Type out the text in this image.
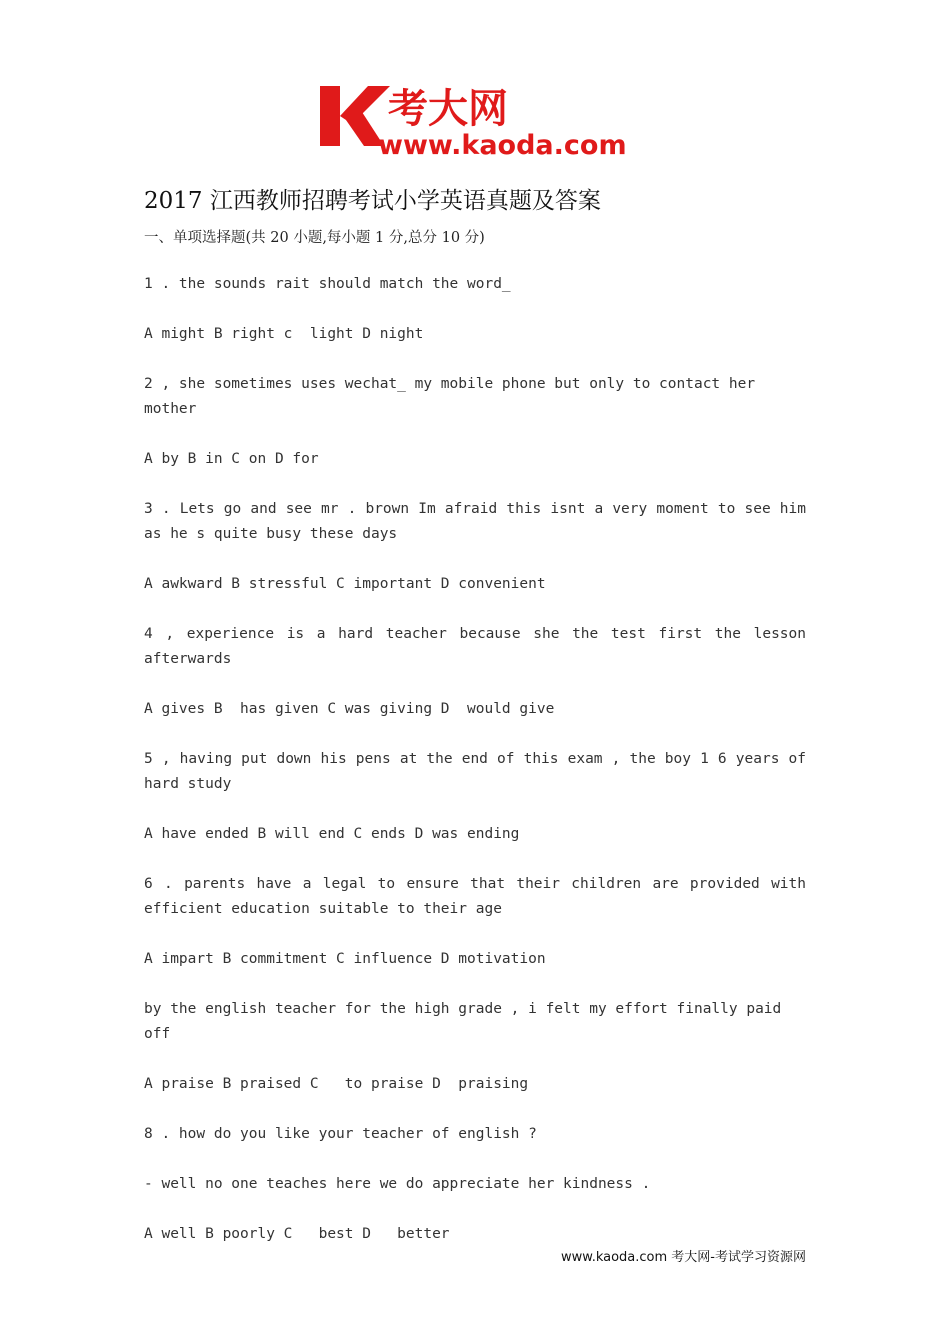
考大网
www.kaoda.com
2017 江西教师招聘考试小学英语真题及答案
一、单项选择题(共 20 小题,每小题 1 分,总分 10 分)

1 . the sounds rait should match the word_

A might B right c  light D night

2 , she sometimes uses wechat_ my mobile phone but only to contact her mother

A by B in C on D for

3 . Lets go and see mr . brown Im afraid this isnt a very moment to see him as he s quite busy these days

A awkward B stressful C important D convenient

4 , experience is a hard teacher because she the test first the lesson afterwards

A gives B  has given C was giving D  would give

5 , having put down his pens at the end of this exam , the boy 1 6 years of hard study

A have ended B will end C ends D was ending

6 . parents have a legal to ensure that their children are provided with efficient education suitable to their age

A impart B commitment C influence D motivation

by the english teacher for the high grade , i felt my effort finally paid off

A praise B praised C   to praise D  praising

8 . how do you like your teacher of english ?

- well no one teaches here we do appreciate her kindness .

A well B poorly C   best D   better

www.kaoda.com 考大网-考试学习资源网
